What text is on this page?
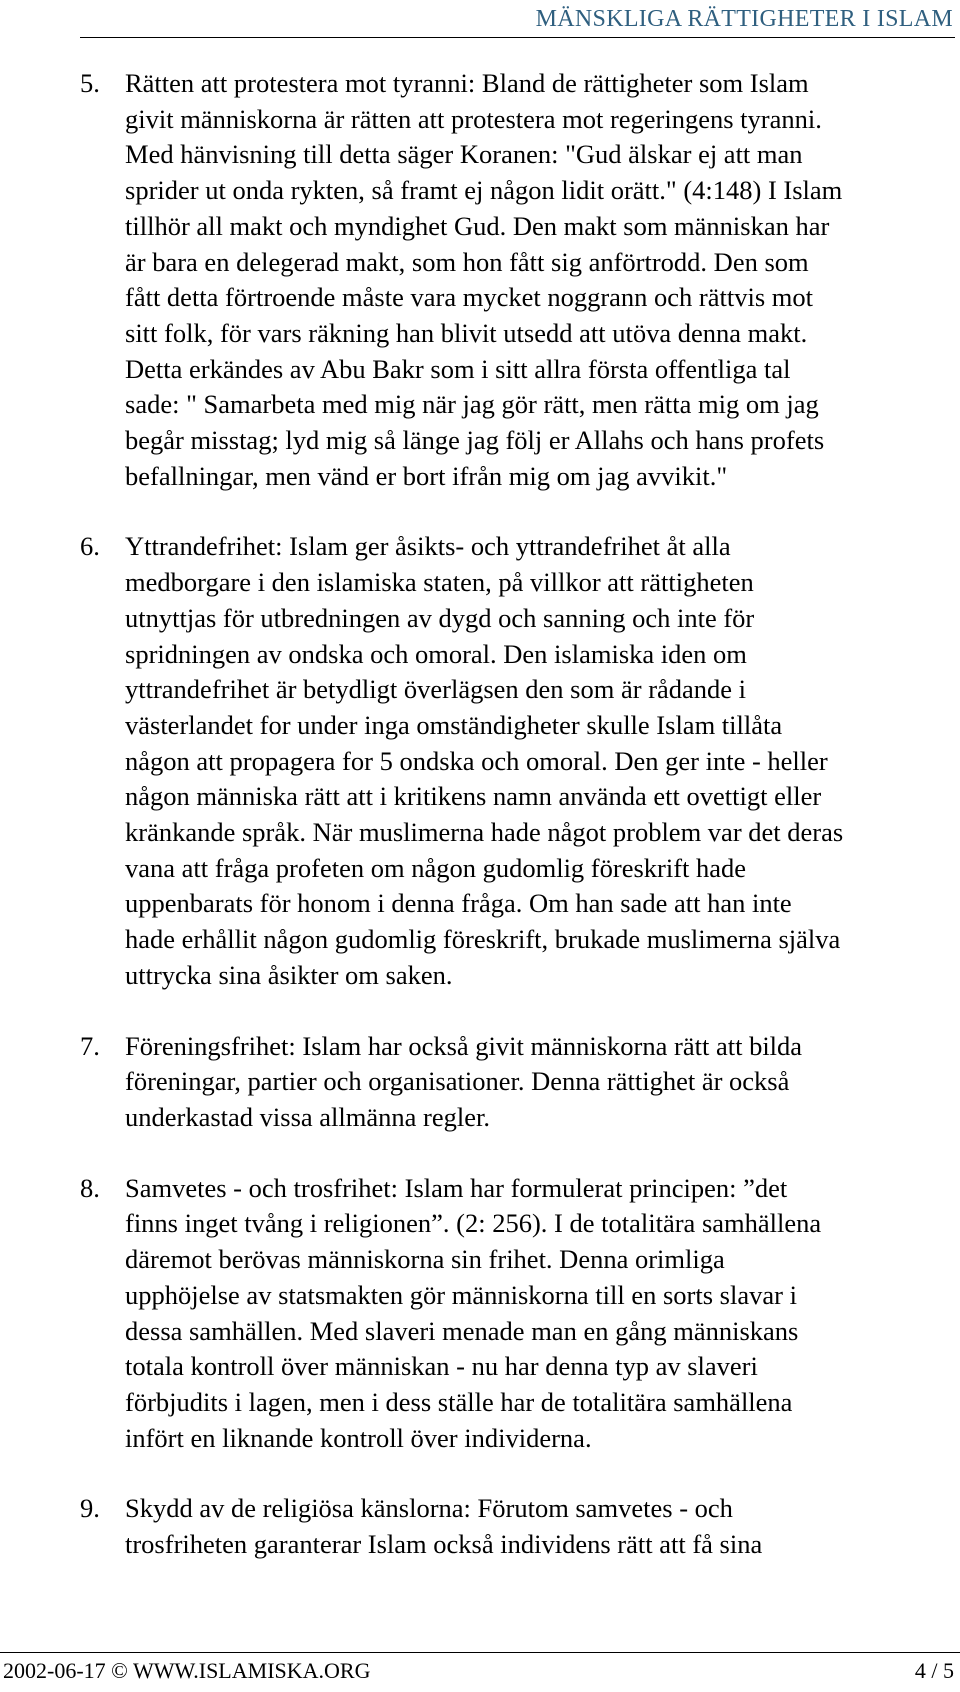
MÄNSKLIGA RÄTTIGHETER I ISLAM
5. Rätten att protestera mot tyranni: Bland de rättigheter som Islam
givit människorna är rätten att protestera mot regeringens tyranni.
Med hänvisning till detta säger Koranen: "Gud älskar ej att man
sprider ut onda rykten, så framt ej någon lidit orätt." (4:148) I Islam
tillhör all makt och myndighet Gud. Den makt som människan har
är bara en delegerad makt, som hon fått sig anförtrodd. Den som
fått detta förtroende måste vara mycket noggrann och rättvis mot
sitt folk, för vars räkning han blivit utsedd att utöva denna makt.
Detta erkändes av Abu Bakr som i sitt allra första offentliga tal
sade: " Samarbeta med mig när jag gör rätt, men rätta mig om jag
begår misstag; lyd mig så länge jag följ er Allahs och hans profets
befallningar, men vänd er bort ifrån mig om jag avvikit."
6. Yttrandefrihet: Islam ger åsikts- och yttrandefrihet åt alla
medborgare i den islamiska staten, på villkor att rättigheten
utnyttjas för utbredningen av dygd och sanning och inte för
spridningen av ondska och omoral. Den islamiska iden om
yttrandefrihet är betydligt överlägsen den som är rådande i
västerlandet for under inga omständigheter skulle Islam tillåta
någon att propagera for 5 ondska och omoral. Den ger inte - heller
någon människa rätt att i kritikens namn använda ett ovettigt eller
kränkande språk. När muslimerna hade något problem var det deras
vana att fråga profeten om någon gudomlig föreskrift hade
uppenbarats för honom i denna fråga. Om han sade att han inte
hade erhållit någon gudomlig föreskrift, brukade muslimerna själva
uttrycka sina åsikter om saken.
7. Föreningsfrihet: Islam har också givit människorna rätt att bilda
föreningar, partier och organisationer. Denna rättighet är också
underkastad vissa allmänna regler.
8. Samvetes - och trosfrihet: Islam har formulerat principen: ”det
finns inget tvång i religionen”. (2: 256). I de totalitära samhällena
däremot berövas människorna sin frihet. Denna orimliga
upphöjelse av statsmakten gör människorna till en sorts slavar i
dessa samhällen. Med slaveri menade man en gång människans
totala kontroll över människan - nu har denna typ av slaveri
förbjudits i lagen, men i dess ställe har de totalitära samhällena
infört en liknande kontroll över individerna.
9. Skydd av de religiösa känslorna: Förutom samvetes - och
trosfriheten garanterar Islam också individens rätt att få sina
2002-06-17 © WWW.ISLAMISKA.ORG	4 / 5
